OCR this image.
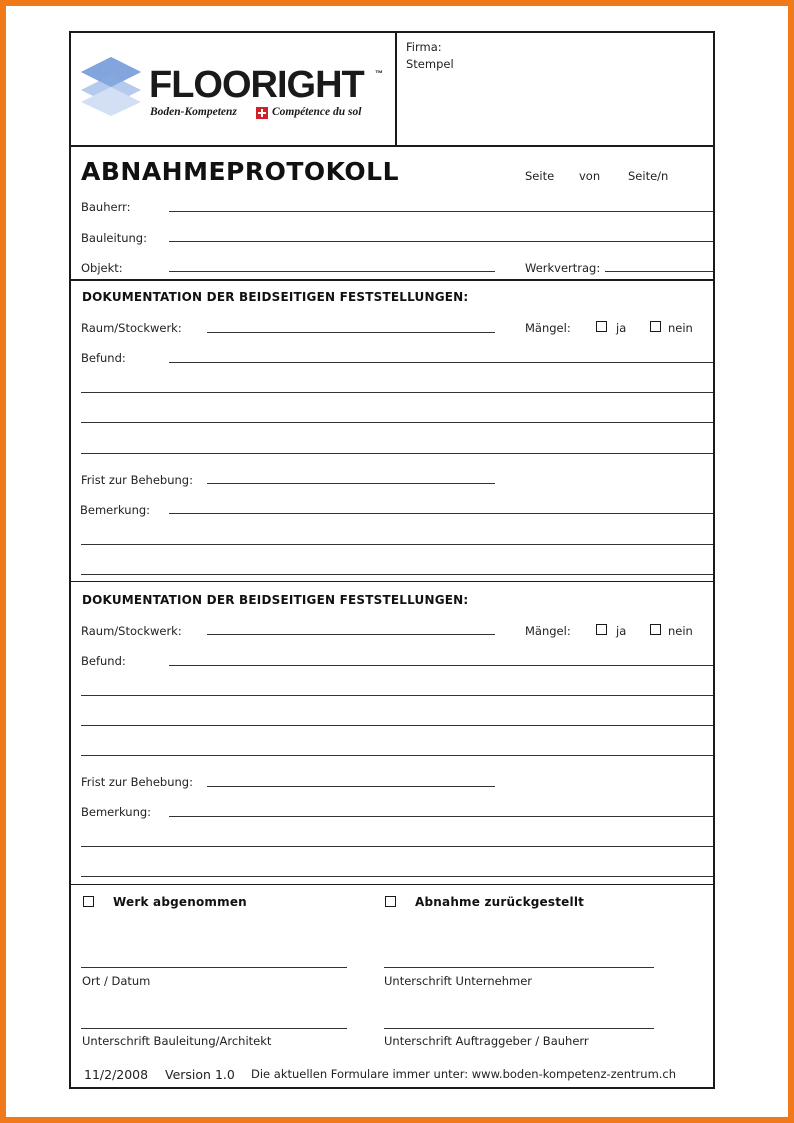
FLOORIGHT ™
Boden-Kompetenz	Compétence du sol
Firma:
Stempel
ABNAHMEPROTOKOLL	Seite von Seite/n
Bauherr:
Bauleitung:
Objekt:	Werkvertrag:
DOKUMENTATION DER BEIDSEITIGEN FESTSTELLUNGEN:
Raum/Stockwerk:	Mängel:	ja	nein
Befund:
Frist zur Behebung:
Bemerkung:
DOKUMENTATION DER BEIDSEITIGEN FESTSTELLUNGEN:
Raum/Stockwerk:	Mängel:	ja	nein
Befund:
Frist zur Behebung:
Bemerkung:
Werk abgenommen	Abnahme zurückgestellt
Ort / Datum	Unterschrift Unternehmer
Unterschrift Bauleitung/Architekt	Unterschrift Auftraggeber / Bauherr
11/2/2008 Version 1.0 Die aktuellen Formulare immer unter: www.boden-kompetenz-zentrum.ch
